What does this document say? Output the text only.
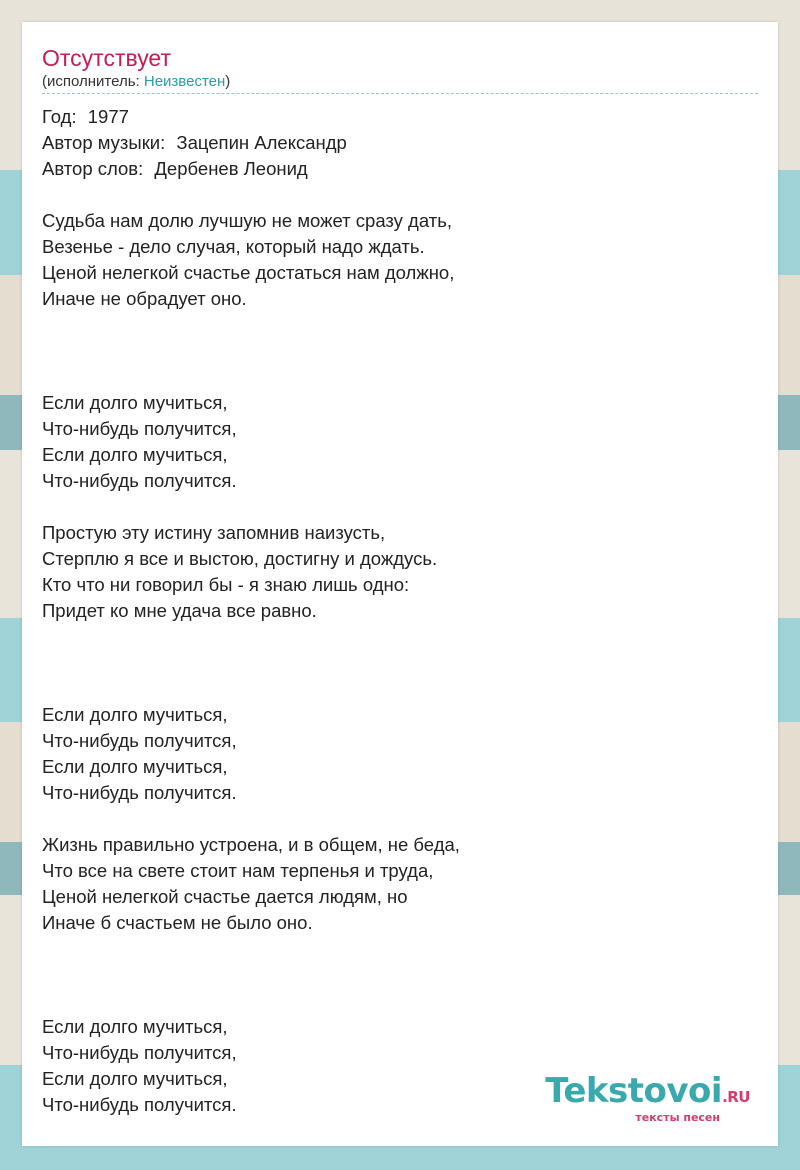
Отсутствует
(исполнитель: Неизвестен)
Год: 1977
Автор музыки: Зацепин Александр
Автор слов: Дербенев Леонид
Судьба нам долю лучшую не может сразу дать,
Везенье - дело случая, который надо ждать.
Ценой нелегкой счастье достаться нам должно,
Иначе не обрадует оно.
Если долго мучиться,
Что-нибудь получится,
Если долго мучиться,
Что-нибудь получится.
Простую эту истину запомнив наизусть,
Стерплю я все и выстою, достигну и дождусь.
Кто что ни говорил бы - я знаю лишь одно:
Придет ко мне удача все равно.
Если долго мучиться,
Что-нибудь получится,
Если долго мучиться,
Что-нибудь получится.
Жизнь правильно устроена, и в общем, не беда,
Что все на свете стоит нам терпенья и труда,
Ценой нелегкой счастье дается людям, но
Иначе б счастьем не было оно.
Если долго мучиться,
Что-нибудь получится,
Если долго мучиться,
Что-нибудь получится.	Tekstovoi.RU
тексты песен
